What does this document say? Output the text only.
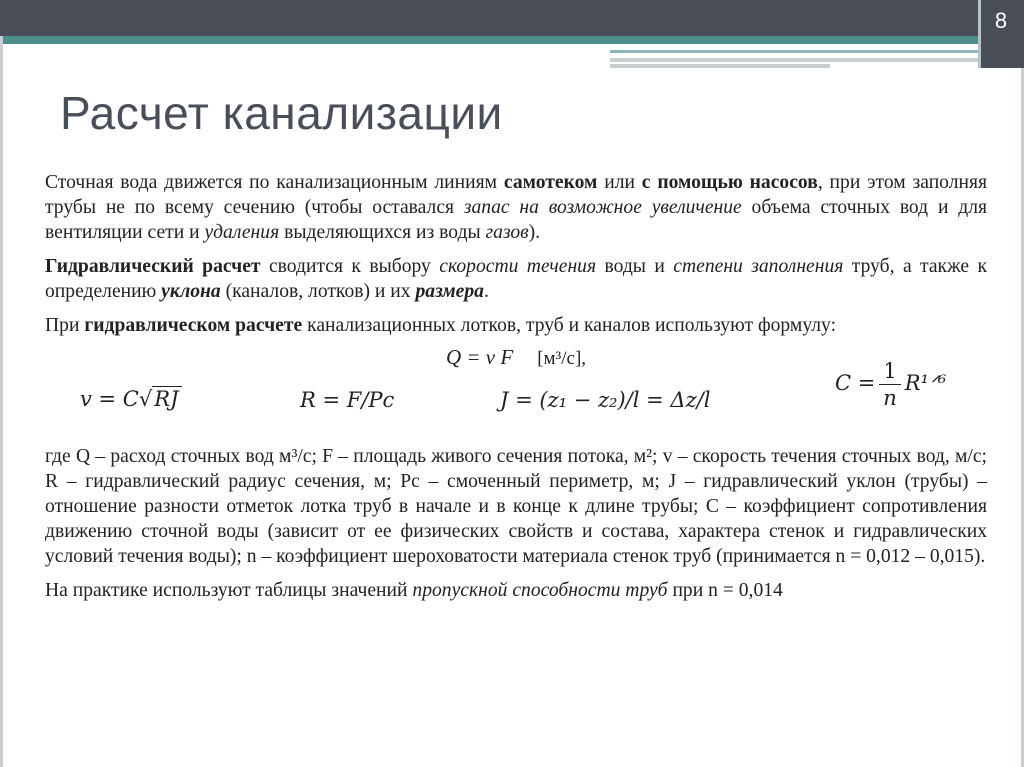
8
Расчет канализации

Сточная вода движется по канализационным линиям самотеком или с помощью насосов, при этом заполняя трубы не по всему сечению (чтобы оставался запас на возможное увеличение объема сточных вод и для вентиляции сети и удаления выделяющихся из воды газов).

Гидравлический расчет сводится к выбору скорости течения воды и степени заполнения труб, а также к определению уклона (каналов, лотков) и их размера.

При гидравлическом расчете канализационных лотков, труб и каналов используют формулу:

Q = v F [м³/с],
v = C√RJ	R = F/Pс	J = (z₁ − z₂)/l = Δz/l
$C = \frac{1}{n}$ R¹ᐟ⁶

где Q – расход сточных вод м³/с; F – площадь живого сечения потока, м²; v – скорость течения сточных вод, м/с; R – гидравлический радиус сечения, м; Pс – смоченный периметр, м; J – гидравлический уклон (трубы) – отношение разности отметок лотка труб в начале и в конце к длине трубы; C – коэффициент сопротивления движению сточной воды (зависит от ее физических свойств и состава, характера стенок и гидравлических условий течения воды); n – коэффициент шероховатости материала стенок труб (принимается n = 0,012 – 0,015).

На практике используют таблицы значений пропускной способности труб при n = 0,014
